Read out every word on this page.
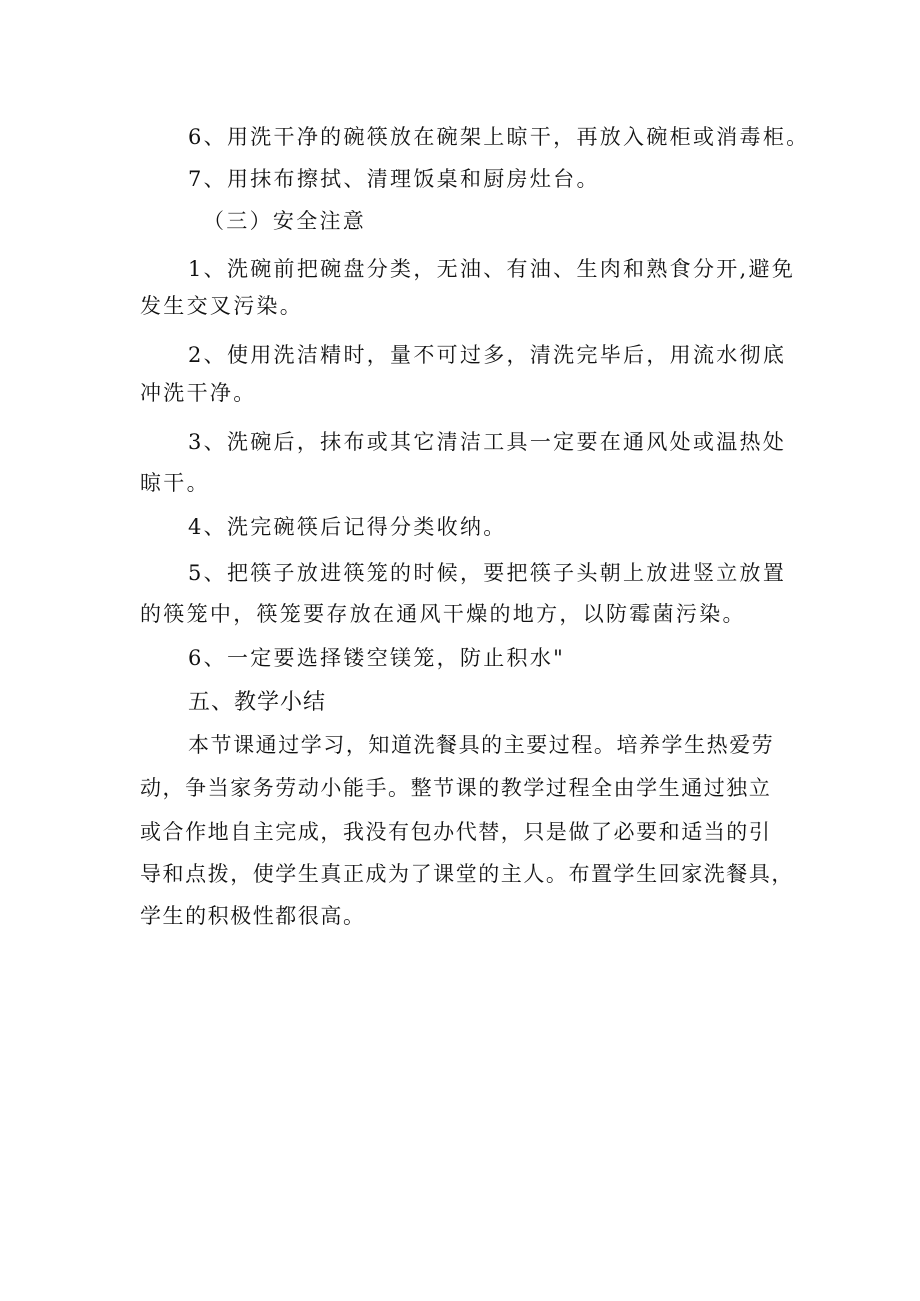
6、用洗干净的碗筷放在碗架上晾干，再放入碗柜或消毒柜。
7、用抹布擦拭、清理饭桌和厨房灶台。
（三）安全注意
1、洗碗前把碗盘分类，无油、有油、生肉和熟食分开,避免
发生交叉污染。
2、使用洗洁精时，量不可过多，清洗完毕后，用流水彻底
冲洗干净。
3、洗碗后，抹布或其它清洁工具一定要在通风处或温热处
晾干。
4、洗完碗筷后记得分类收纳。
5、把筷子放进筷笼的时候，要把筷子头朝上放进竖立放置
的筷笼中，筷笼要存放在通风干燥的地方，以防霉菌污染。
6、一定要选择镂空镁笼，防止积水"
五、教学小结
本节课通过学习，知道洗餐具的主要过程。培养学生热爱劳
动，争当家务劳动小能手。整节课的教学过程全由学生通过独立
或合作地自主完成，我没有包办代替，只是做了必要和适当的引
导和点拨，使学生真正成为了课堂的主人。布置学生回家洗餐具，
学生的积极性都很高。
